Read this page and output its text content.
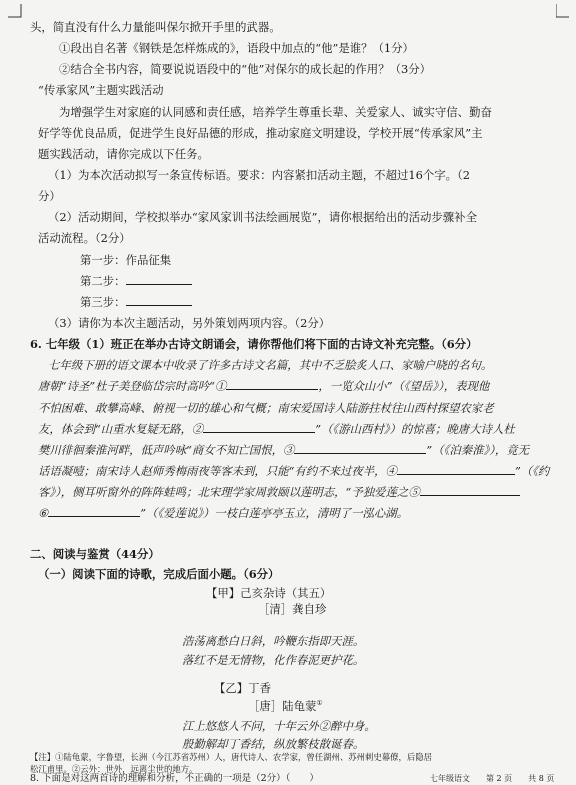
头，简直没有什么力量能叫保尔掀开手里的武器。
①段出自名著《钢铁是怎样炼成的》，语段中加点的“他”是谁？（1分）
②结合全书内容，简要说说语段中的“他”对保尔的成长起的作用？（3分）
“传承家风”主题实践活动
为增强学生对家庭的认同感和责任感，培养学生尊重长辈、关爱家人、诚实守信、勤奋
好学等优良品质，促进学生良好品德的形成，推动家庭文明建设，学校开展“传承家风”主
题实践活动，请你完成以下任务。
（1）为本次活动拟写一条宣传标语。要求：内容紧扣活动主题，不超过16个字。（2
分）
（2）活动期间，学校拟举办“家风家训书法绘画展览”，请你根据给出的活动步骤补全
活动流程。（2分）
第一步：作品征集
第二步：
第三步：
（3）请你为本次主题活动，另外策划两项内容。（2分）
6. 七年级（1）班正在举办古诗文朗诵会，请你帮他们将下面的古诗文补充完整。（6分）
七年级下册的语文课本中收录了许多古诗文名篇，其中不乏脍炙人口、家喻户晓的名句。
唐朝“诗圣”杜子美登临岱宗时高吟“①	，一览众山小”（《望岳》），表现他
不怕困难、敢攀高峰、俯视一切的雄心和气概；南宋爱国诗人陆游拄杖往山西村探望农家老
友，体会到“山重水复疑无路，②	”（《游山西村》）的惊喜；晚唐大诗人杜
樊川徘徊秦淮河畔，低声吟咏“商女不知亡国恨，③	”（《泊秦淮》），竟无
话语凝噎；南宋诗人赵师秀梅雨夜等客未到，只能“有约不来过夜半，④	”（《约
客》），侧耳听窗外的阵阵蛙鸣；北宋理学家周敦颐以莲明志，“予独爱莲之⑤
⑥	”（《爱莲说》）一枝白莲亭亭玉立，清明了一泓心湖。
二、阅读与鉴赏（44分）
（一）阅读下面的诗歌，完成后面小题。（6分）
【甲】己亥杂诗（其五）
［清］龚自珍
浩荡离愁白日斜，吟鞭东指即天涯。
落红不是无情物，化作春泥更护花。
【乙】丁香
［唐］陆龟蒙①
江上悠悠人不问，十年云外②醉中身。
殷勤解却丁香结，纵放繁枝散诞春。
【注】①陆龟蒙，字鲁望，长洲（今江苏省苏州）人，唐代诗人、农学家，曾任湖州、苏州刺史幕僚，后隐居
松江甫里。②云外：世外，远离尘世的地方。
8. 下面是对这两首诗的理解和分析，不正确的一项是（2分）（　　）	七年级语文　　第 2 页　　共 8 页
